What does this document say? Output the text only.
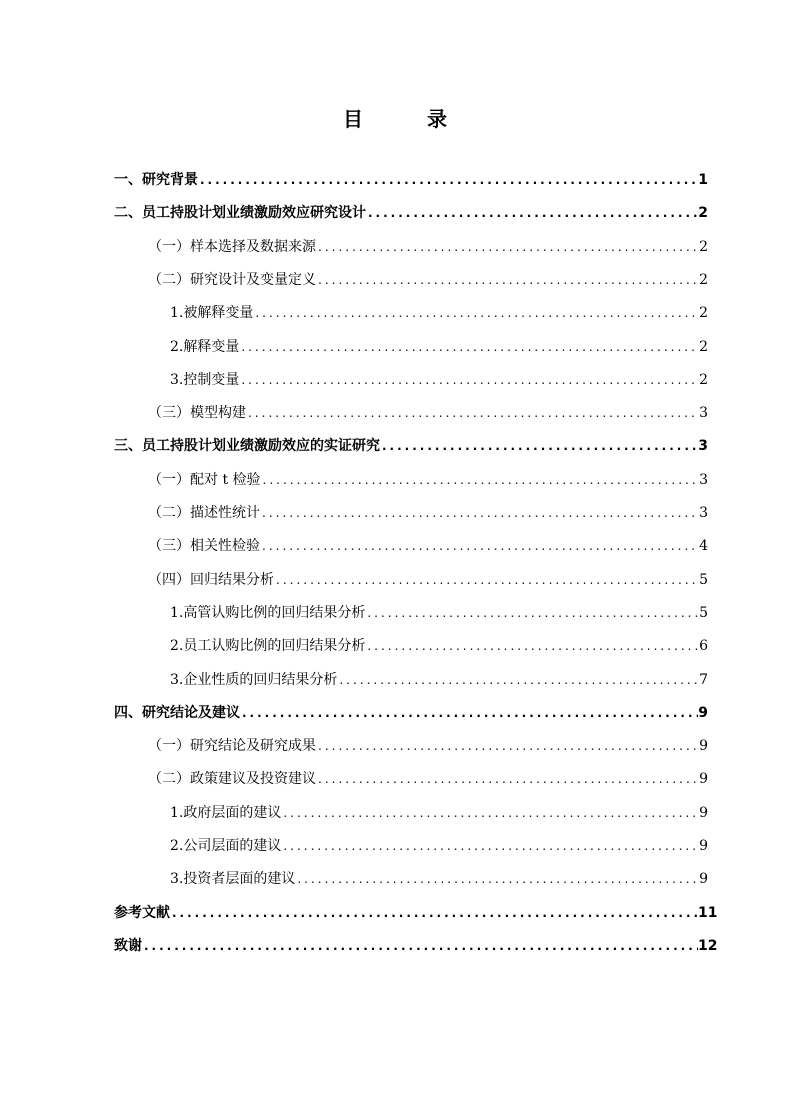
目　录
一、 研究背景 .....	1
二、 员工持股计划业绩激励效应研究设计 .....	2
（一） 样本选择及数据来源 .....	2
（二） 研究设计及变量定义 .....	2
1. 被解释变量 .....	2
2. 解释变量 .....	2
3. 控制变量 .....	2
（三） 模型构建 .....	3
三、 员工持股计划业绩激励效应的实证研究 .....	3
（一） 配对 t 检验 .....	3
（二） 描述性统计 .....	3
（三） 相关性检验 .....	4
（四） 回归结果分析 .....	5
1. 高管认购比例的回归结果分析 .....	5
2. 员工认购比例的回归结果分析 .....	6
3. 企业性质的回归结果分析 .....	7
四、 研究结论及建议 .....	9
（一） 研究结论及研究成果 .....	9
（二） 政策建议及投资建议 .....	9
1. 政府层面的建议 .....	9
2. 公司层面的建议 .....	9
3. 投资者层面的建议 .....	9
参考文献 .....	11
致谢 .....	12
